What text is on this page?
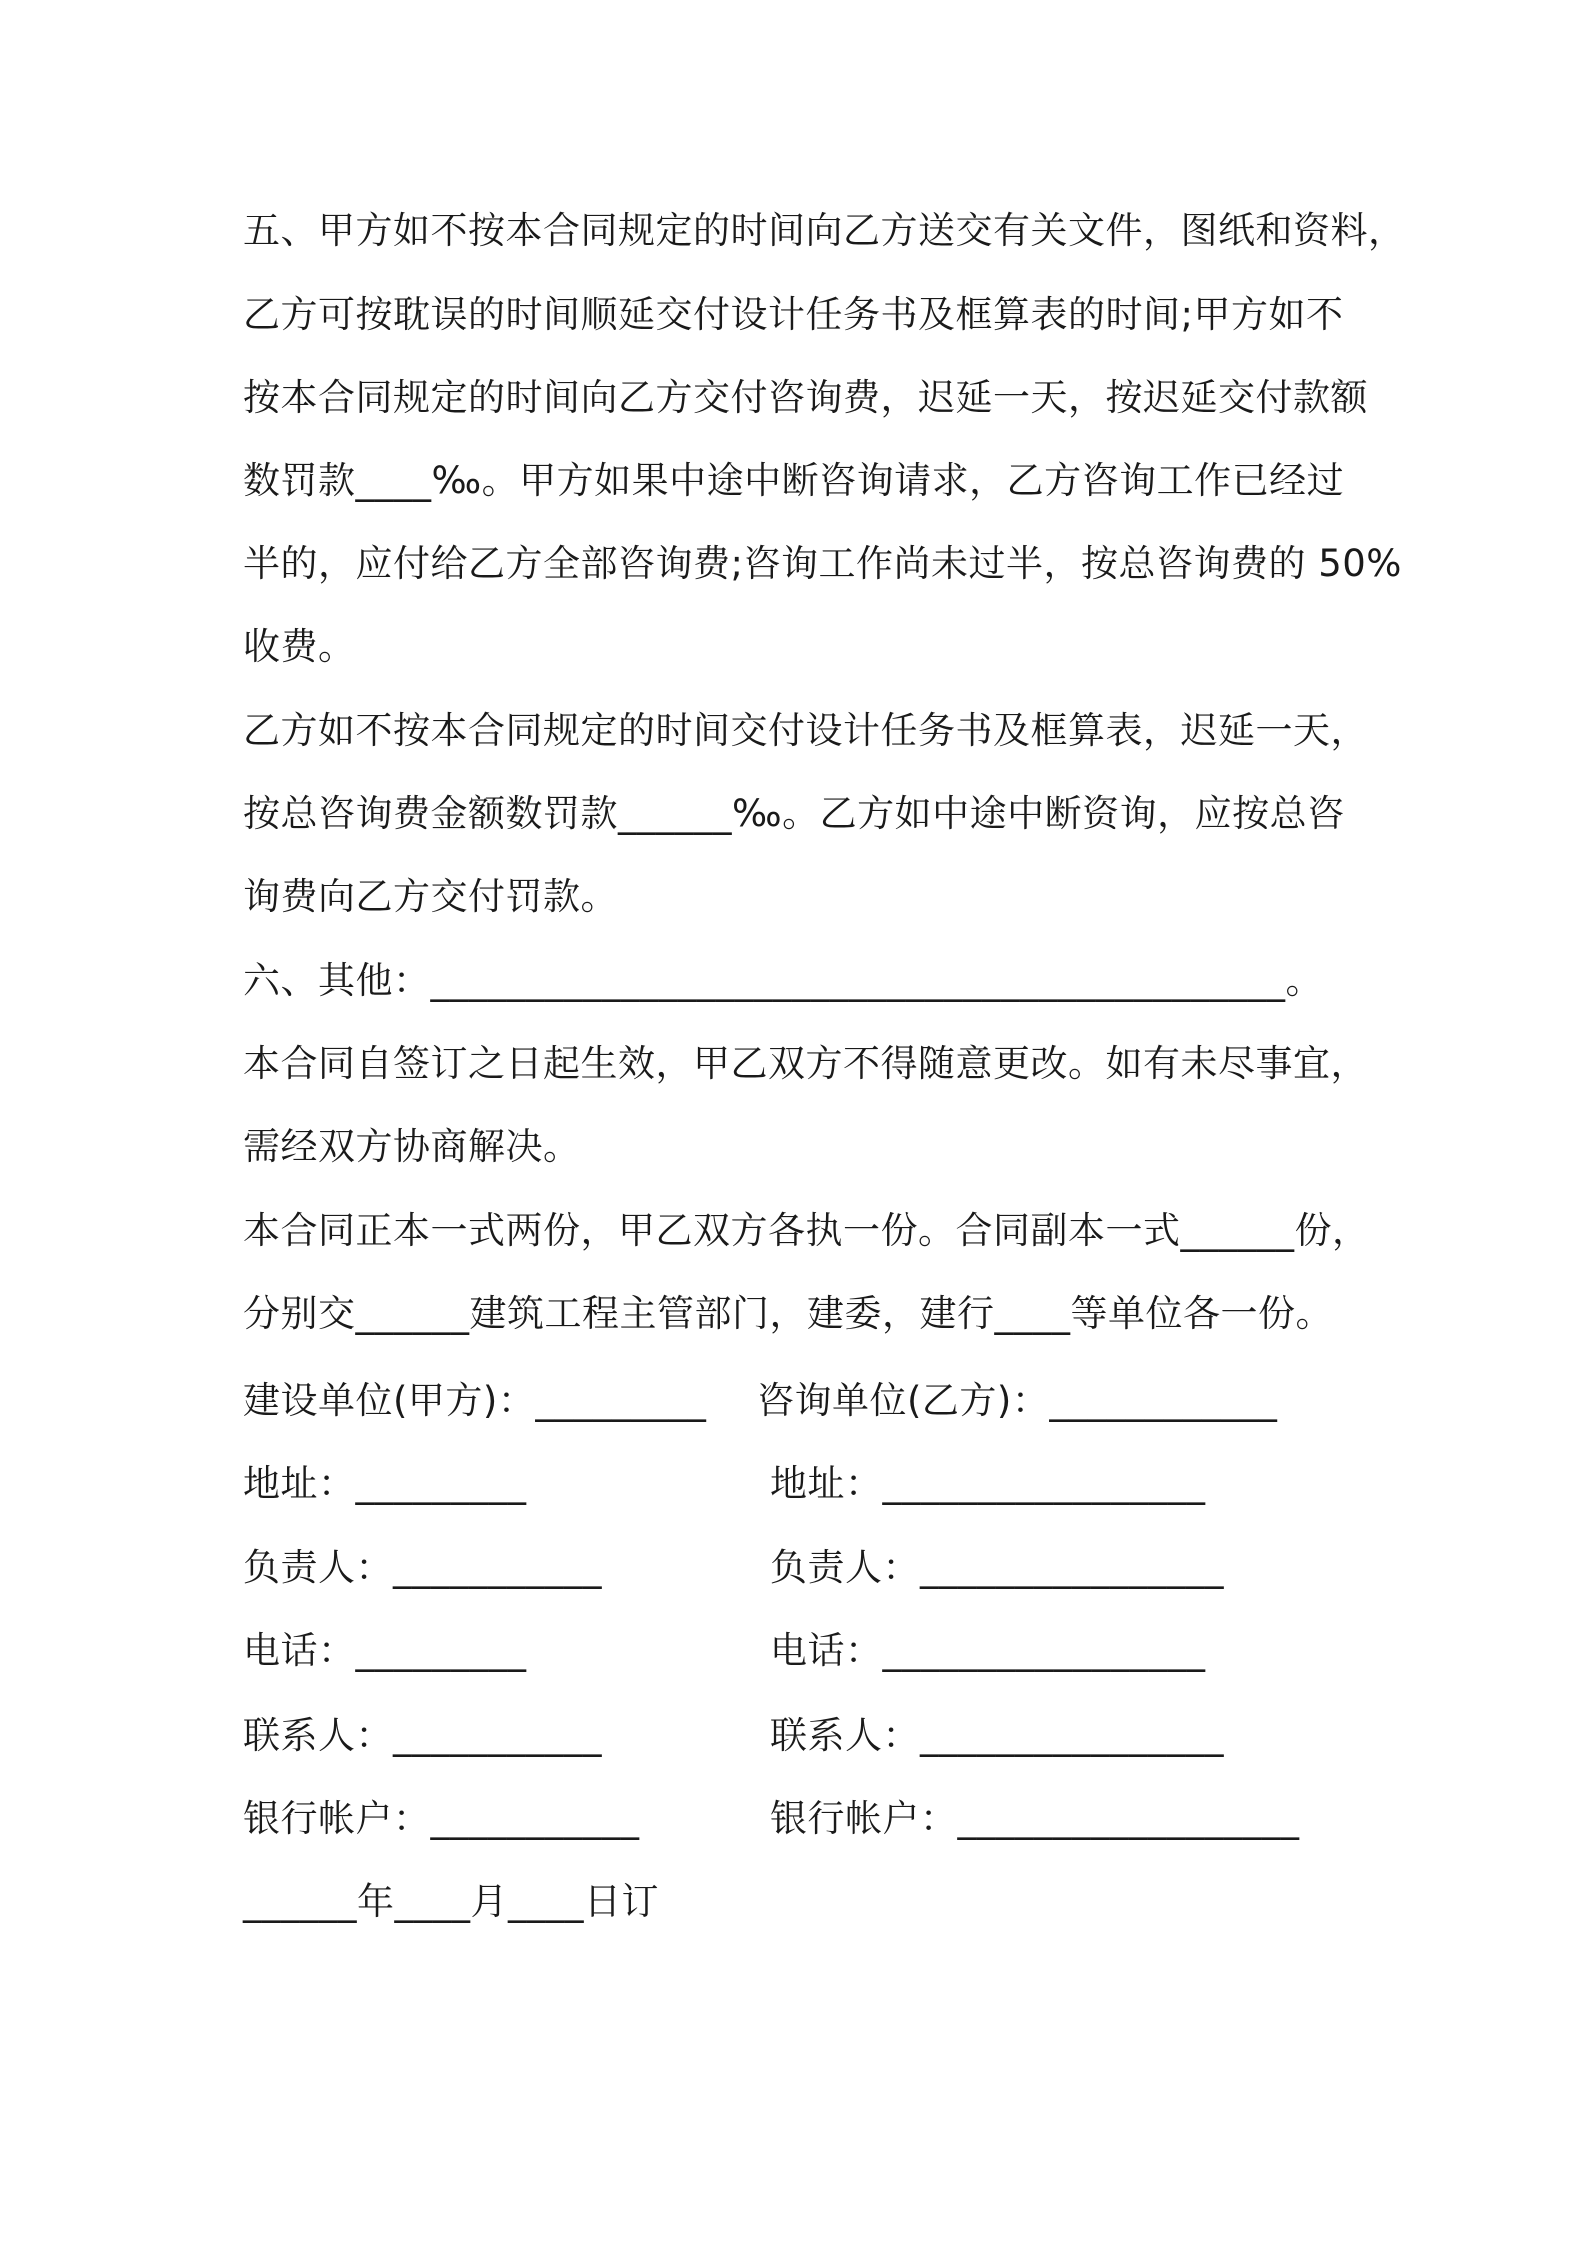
五、甲方如不按本合同规定的时间向乙方送交有关文件，图纸和资料，
乙方可按耽误的时间顺延交付设计任务书及框算表的时间;甲方如不
按本合同规定的时间向乙方交付咨询费，迟延一天，按迟延交付款额
数罚款____‰。甲方如果中途中断咨询请求，乙方咨询工作已经过
半的，应付给乙方全部咨询费;咨询工作尚未过半，按总咨询费的 50%
收费。
乙方如不按本合同规定的时间交付设计任务书及框算表，迟延一天，
按总咨询费金额数罚款______‰。乙方如中途中断资询，应按总咨
询费向乙方交付罚款。
六、其他：_____________________________________________。
本合同自签订之日起生效，甲乙双方不得随意更改。如有未尽事宜，
需经双方协商解决。
本合同正本一式两份，甲乙双方各执一份。合同副本一式______份，
分别交______建筑工程主管部门，建委，建行____等单位各一份。
建设单位(甲方)：_________ 咨询单位(乙方)：____________
地址：_________	地址：_________________
负责人：___________	负责人：________________
电话：_________	电话：_________________
联系人：___________	联系人：________________
银行帐户：___________	银行帐户：__________________
______年____月____日订
